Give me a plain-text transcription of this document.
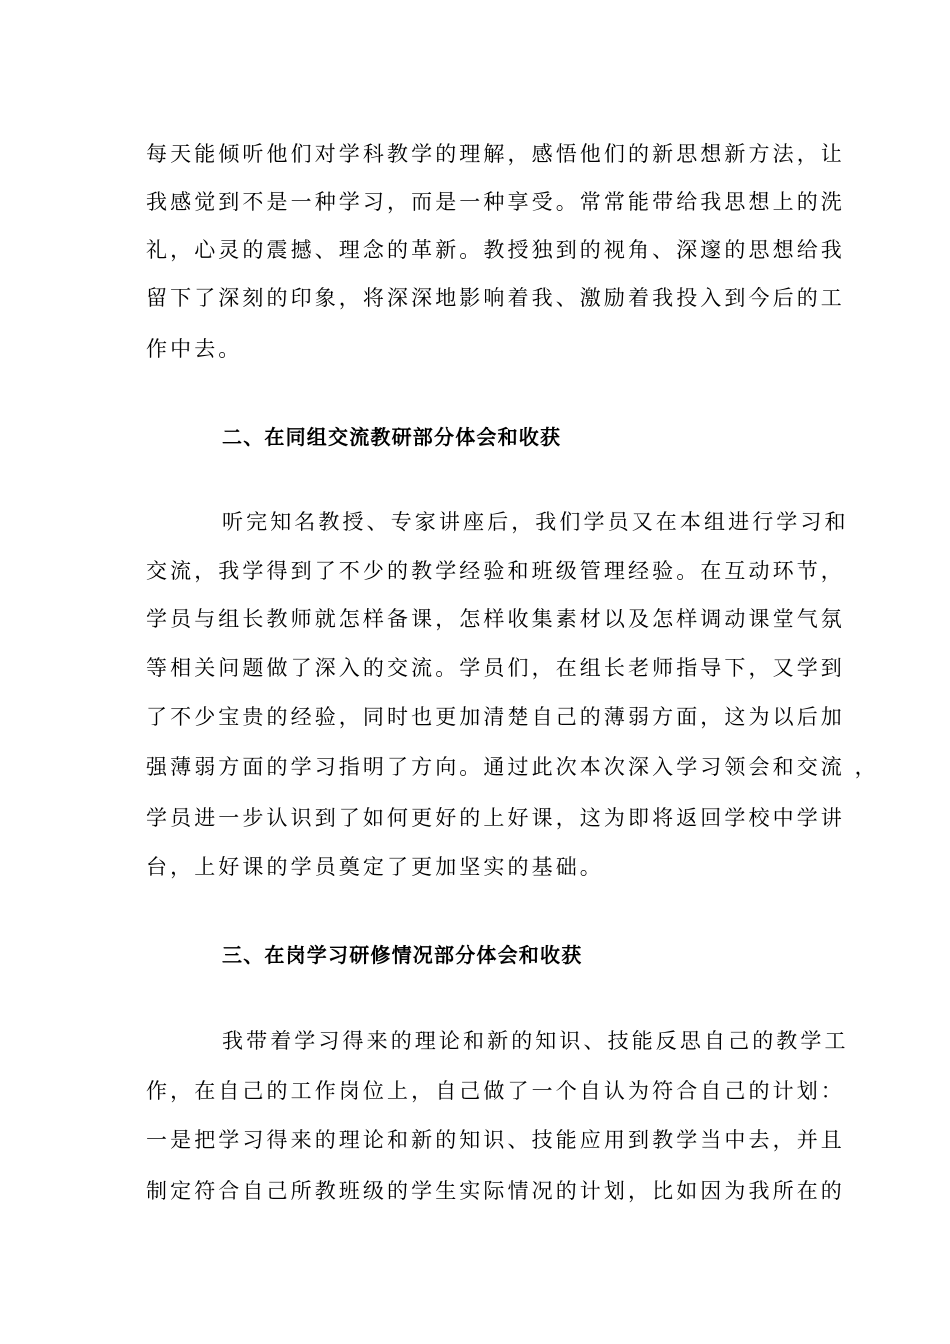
每天能倾听他们对学科教学的理解，感悟他们的新思想新方法，让
我感觉到不是一种学习，而是一种享受。常常能带给我思想上的洗
礼，心灵的震撼、理念的革新。教授独到的视角、深邃的思想给我
留下了深刻的印象，将深深地影响着我、激励着我投入到今后的工
作中去。
二、在同组交流教研部分体会和收获
听完知名教授、专家讲座后，我们学员又在本组进行学习和
交流，我学得到了不少的教学经验和班级管理经验。在互动环节，
学员与组长教师就怎样备课，怎样收集素材以及怎样调动课堂气氛
等相关问题做了深入的交流。学员们，在组长老师指导下，又学到
了不少宝贵的经验，同时也更加清楚自己的薄弱方面，这为以后加
强薄弱方面的学习指明了方向。通过此次本次深入学习领会和交流 ，
学员进一步认识到了如何更好的上好课，这为即将返回学校中学讲
台，上好课的学员奠定了更加坚实的基础。
三、在岗学习研修情况部分体会和收获
我带着学习得来的理论和新的知识、技能反思自己的教学工
作，在自己的工作岗位上，自己做了一个自认为符合自己的计划：
一是把学习得来的理论和新的知识、技能应用到教学当中去，并且
制定符合自己所教班级的学生实际情况的计划，比如因为我所在的
